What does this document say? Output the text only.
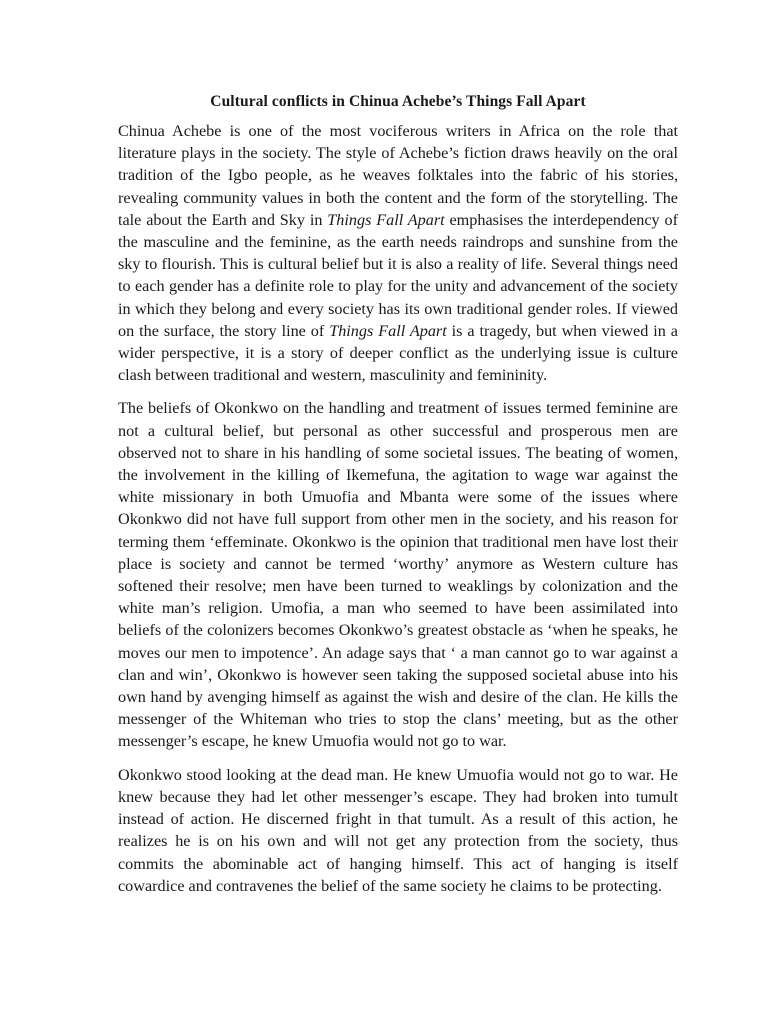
Cultural conflicts in Chinua Achebe’s Things Fall Apart

Chinua Achebe is one of the most vociferous writers in Africa on the role that literature plays in the society. The style of Achebe’s fiction draws heavily on the oral tradition of the Igbo people, as he weaves folktales into the fabric of his stories, revealing community values in both the content and the form of the storytelling. The tale about the Earth and Sky in Things Fall Apart emphasises the interdependency of the masculine and the feminine, as the earth needs raindrops and sunshine from the sky to flourish. This is cultural belief but it is also a reality of life. Several things need to each gender has a definite role to play for the unity and advancement of the society in which they belong and every society has its own traditional gender roles. If viewed on the surface, the story line of Things Fall Apart is a tragedy, but when viewed in a wider perspective, it is a story of deeper conflict as the underlying issue is culture clash between traditional and western, masculinity and femininity.

The beliefs of Okonkwo on the handling and treatment of issues termed feminine are not a cultural belief, but personal as other successful and prosperous men are observed not to share in his handling of some societal issues. The beating of women, the involvement in the killing of Ikemefuna, the agitation to wage war against the white missionary in both Umuofia and Mbanta were some of the issues where Okonkwo did not have full support from other men in the society, and his reason for terming them ‘effeminate. Okonkwo is the opinion that traditional men have lost their place is society and cannot be termed ‘worthy’ anymore as Western culture has softened their resolve; men have been turned to weaklings by colonization and the white man’s religion. Umofia, a man who seemed to have been assimilated into beliefs of the colonizers becomes Okonkwo’s greatest obstacle as ‘when he speaks, he moves our men to impotence’. An adage says that ‘ a man cannot go to war against a clan and win’, Okonkwo is however seen taking the supposed societal abuse into his own hand by avenging himself as against the wish and desire of the clan. He kills the messenger of the Whiteman who tries to stop the clans’ meeting, but as the other messenger’s escape, he knew Umuofia would not go to war.

Okonkwo stood looking at the dead man. He knew Umuofia would not go to war. He knew because they had let other messenger’s escape. They had broken into tumult instead of action. He discerned fright in that tumult. As a result of this action, he realizes he is on his own and will not get any protection from the society, thus commits the abominable act of hanging himself. This act of hanging is itself cowardice and contravenes the belief of the same society he claims to be protecting.
